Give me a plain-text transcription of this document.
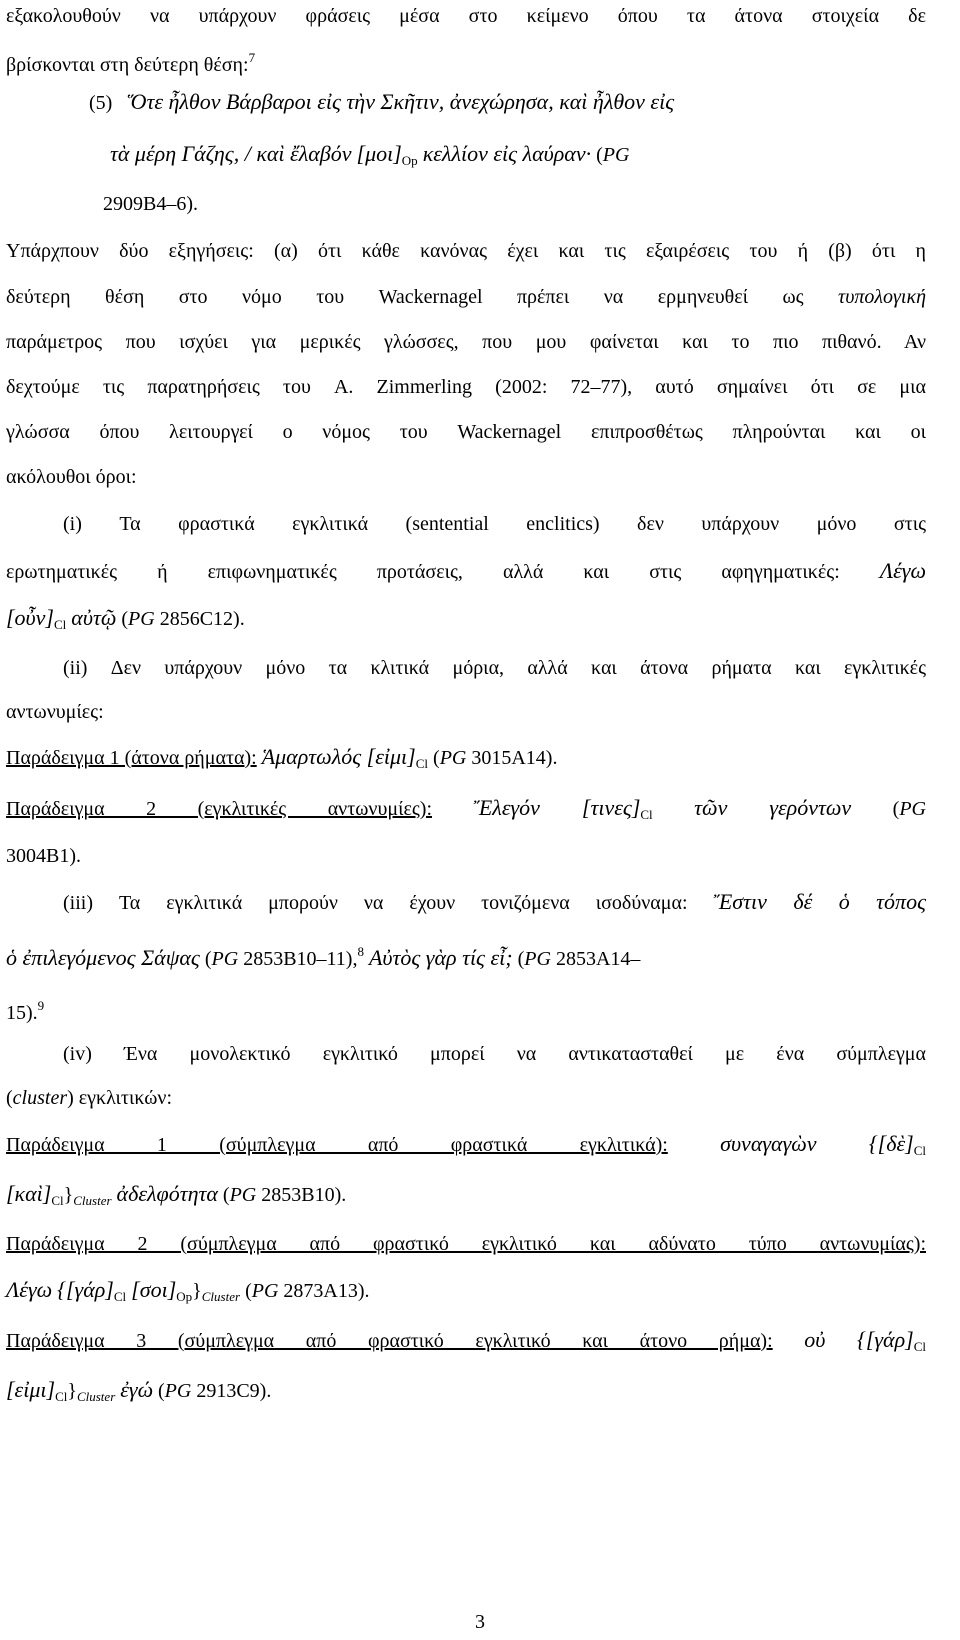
εξακολουθούν να υπάρχουν φράσεις μέσα στο κείμενο όπου τα άτονα στοιχεία δε
βρίσκονται στη δεύτερη θέση:$^7$
(5) Ὅτε ἦλθον Βάρβαροι εἰς τὴν Σκῆτιν, ἀνεχώρησα, καὶ ἦλθον εἰς
τὰ μέρη Γάζης, / καὶ ἔλαβόν $[\mu o\iota]_{Op}$ κελλίον εἰς λαύραν· (PG
2909B4–6).
Υπάρχπουν δύο εξηγήσεις: (α) ότι κάθε κανόνας έχει και τις εξαιρέσεις του ή (β) ότι η
δεύτερη θέση στο νόμο του Wackernagel πρέπει να ερμηνευθεί ως τυπολογική
παράμετρος που ισχύει για μερικές γλώσσες, που μου φαίνεται και το πιο πιθανό. Αν
δεχτούμε τις παρατηρήσεις του A. Zimmerling (2002: 72–77), αυτό σημαίνει ότι σε μια
γλώσσα όπου λειτουργεί ο νόμος του Wackernagel επιπροσθέτως πληρούνται και οι
ακόλουθοι όροι:
(i) Τα φραστικά εγκλιτικά (sentential enclitics) δεν υπάρχουν μόνο στις
ερωτηματικές ή επιφωνηματικές προτάσεις, αλλά και στις αφηγηματικές: Λέγω
$[oὖ\nu]_{Cl}$ αὐτῷ (PG 2856C12).
(ii) Δεν υπάρχουν μόνο τα κλιτικά μόρια, αλλά και άτονα ρήματα και εγκλιτικές
αντωνυμίες:
Παράδειγμα 1 (άτονα ρήματα): Ἁμαρτωλός $[\varepsilon ἰ\mu\iota]_{Cl}$ (PG 3015A14).
Παράδειγμα 2 (εγκλιτικές αντωνυμίες): Ἔλεγόν $[\tau\iota\nu\varepsilon\varsigma]_{Cl}$ τῶν γερόντων (PG
3004B1).
(iii) Τα εγκλιτικά μπορούν να έχουν τονιζόμενα ισοδύναμα: Ἔστιν δέ ὁ τόπος
ὁ ἐπιλεγόμενος Σάψας (PG 2853B10–11),$^8$ Αὐτὸς γὰρ τίς εἶ; (PG 2853A14–
15).$^9$
(iv) Ένα μονολεκτικό εγκλιτικό μπορεί να αντικατασταθεί με ένα σύμπλεγμα
(cluster) εγκλιτικών:
Παράδειγμα 1 (σύμπλεγμα από φραστικά εγκλιτικά): συναγαγὼν {$[\delta ὲ]_{Cl}$
$[\kappa\alpha ὶ]_{Cl}\}_{Cluster}$ ἀδελφότητα (PG 2853B10).
Παράδειγμα 2 (σύμπλεγμα από φραστικό εγκλιτικό και αδύνατο τύπο αντωνυμίας):
Λέγω {$[\gamma ά\rho]_{Cl}$ $[\sigma o\iota]_{Op}\}_{Cluster}$ (PG 2873A13).
Παράδειγμα 3 (σύμπλεγμα από φραστικό εγκλιτικό και άτονο ρήμα): οὐ {$[\gamma ά\rho]_{Cl}$
$[\varepsilon ἰ\mu\iota]_{Cl}\}_{Cluster}$ ἐγώ (PG 2913C9).
3
